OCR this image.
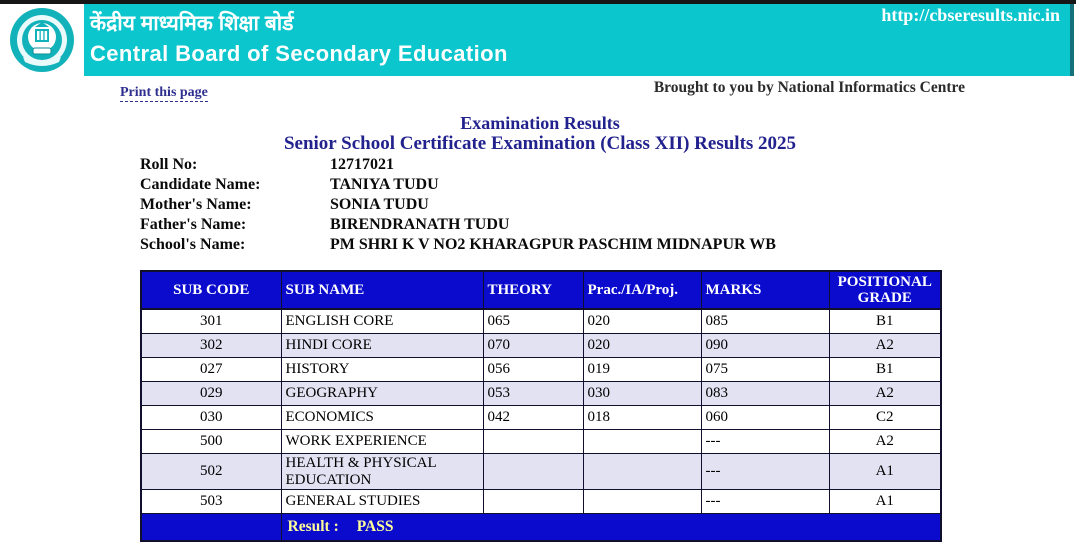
केंद्रीय माध्यमिक शिक्षा बोर्ड
Central Board of Secondary Education
http://cbseresults.nic.in
Print this page	Brought to you by National Informatics Centre
Examination Results
Senior School Certificate Examination (Class XII) Results 2025
Roll No:	12717021
Candidate Name:	TANIYA TUDU
Mother's Name:	SONIA TUDU
Father's Name:	BIRENDRANATH TUDU
School's Name:	PM SHRI K V NO2 KHARAGPUR PASCHIM MIDNAPUR WB
SUB CODE	SUB NAME	THEORY	Prac./IA/Proj.	MARKS	POSITIONAL GRADE
301	ENGLISH CORE	065	020	085	B1
302	HINDI CORE	070	020	090	A2
027	HISTORY	056	019	075	B1
029	GEOGRAPHY	053	030	083	A2
030	ECONOMICS	042	018	060	C2
500	WORK EXPERIENCE			---	A2
502	HEALTH & PHYSICAL EDUCATION			---	A1
503	GENERAL STUDIES			---	A1
	Result : PASS				
